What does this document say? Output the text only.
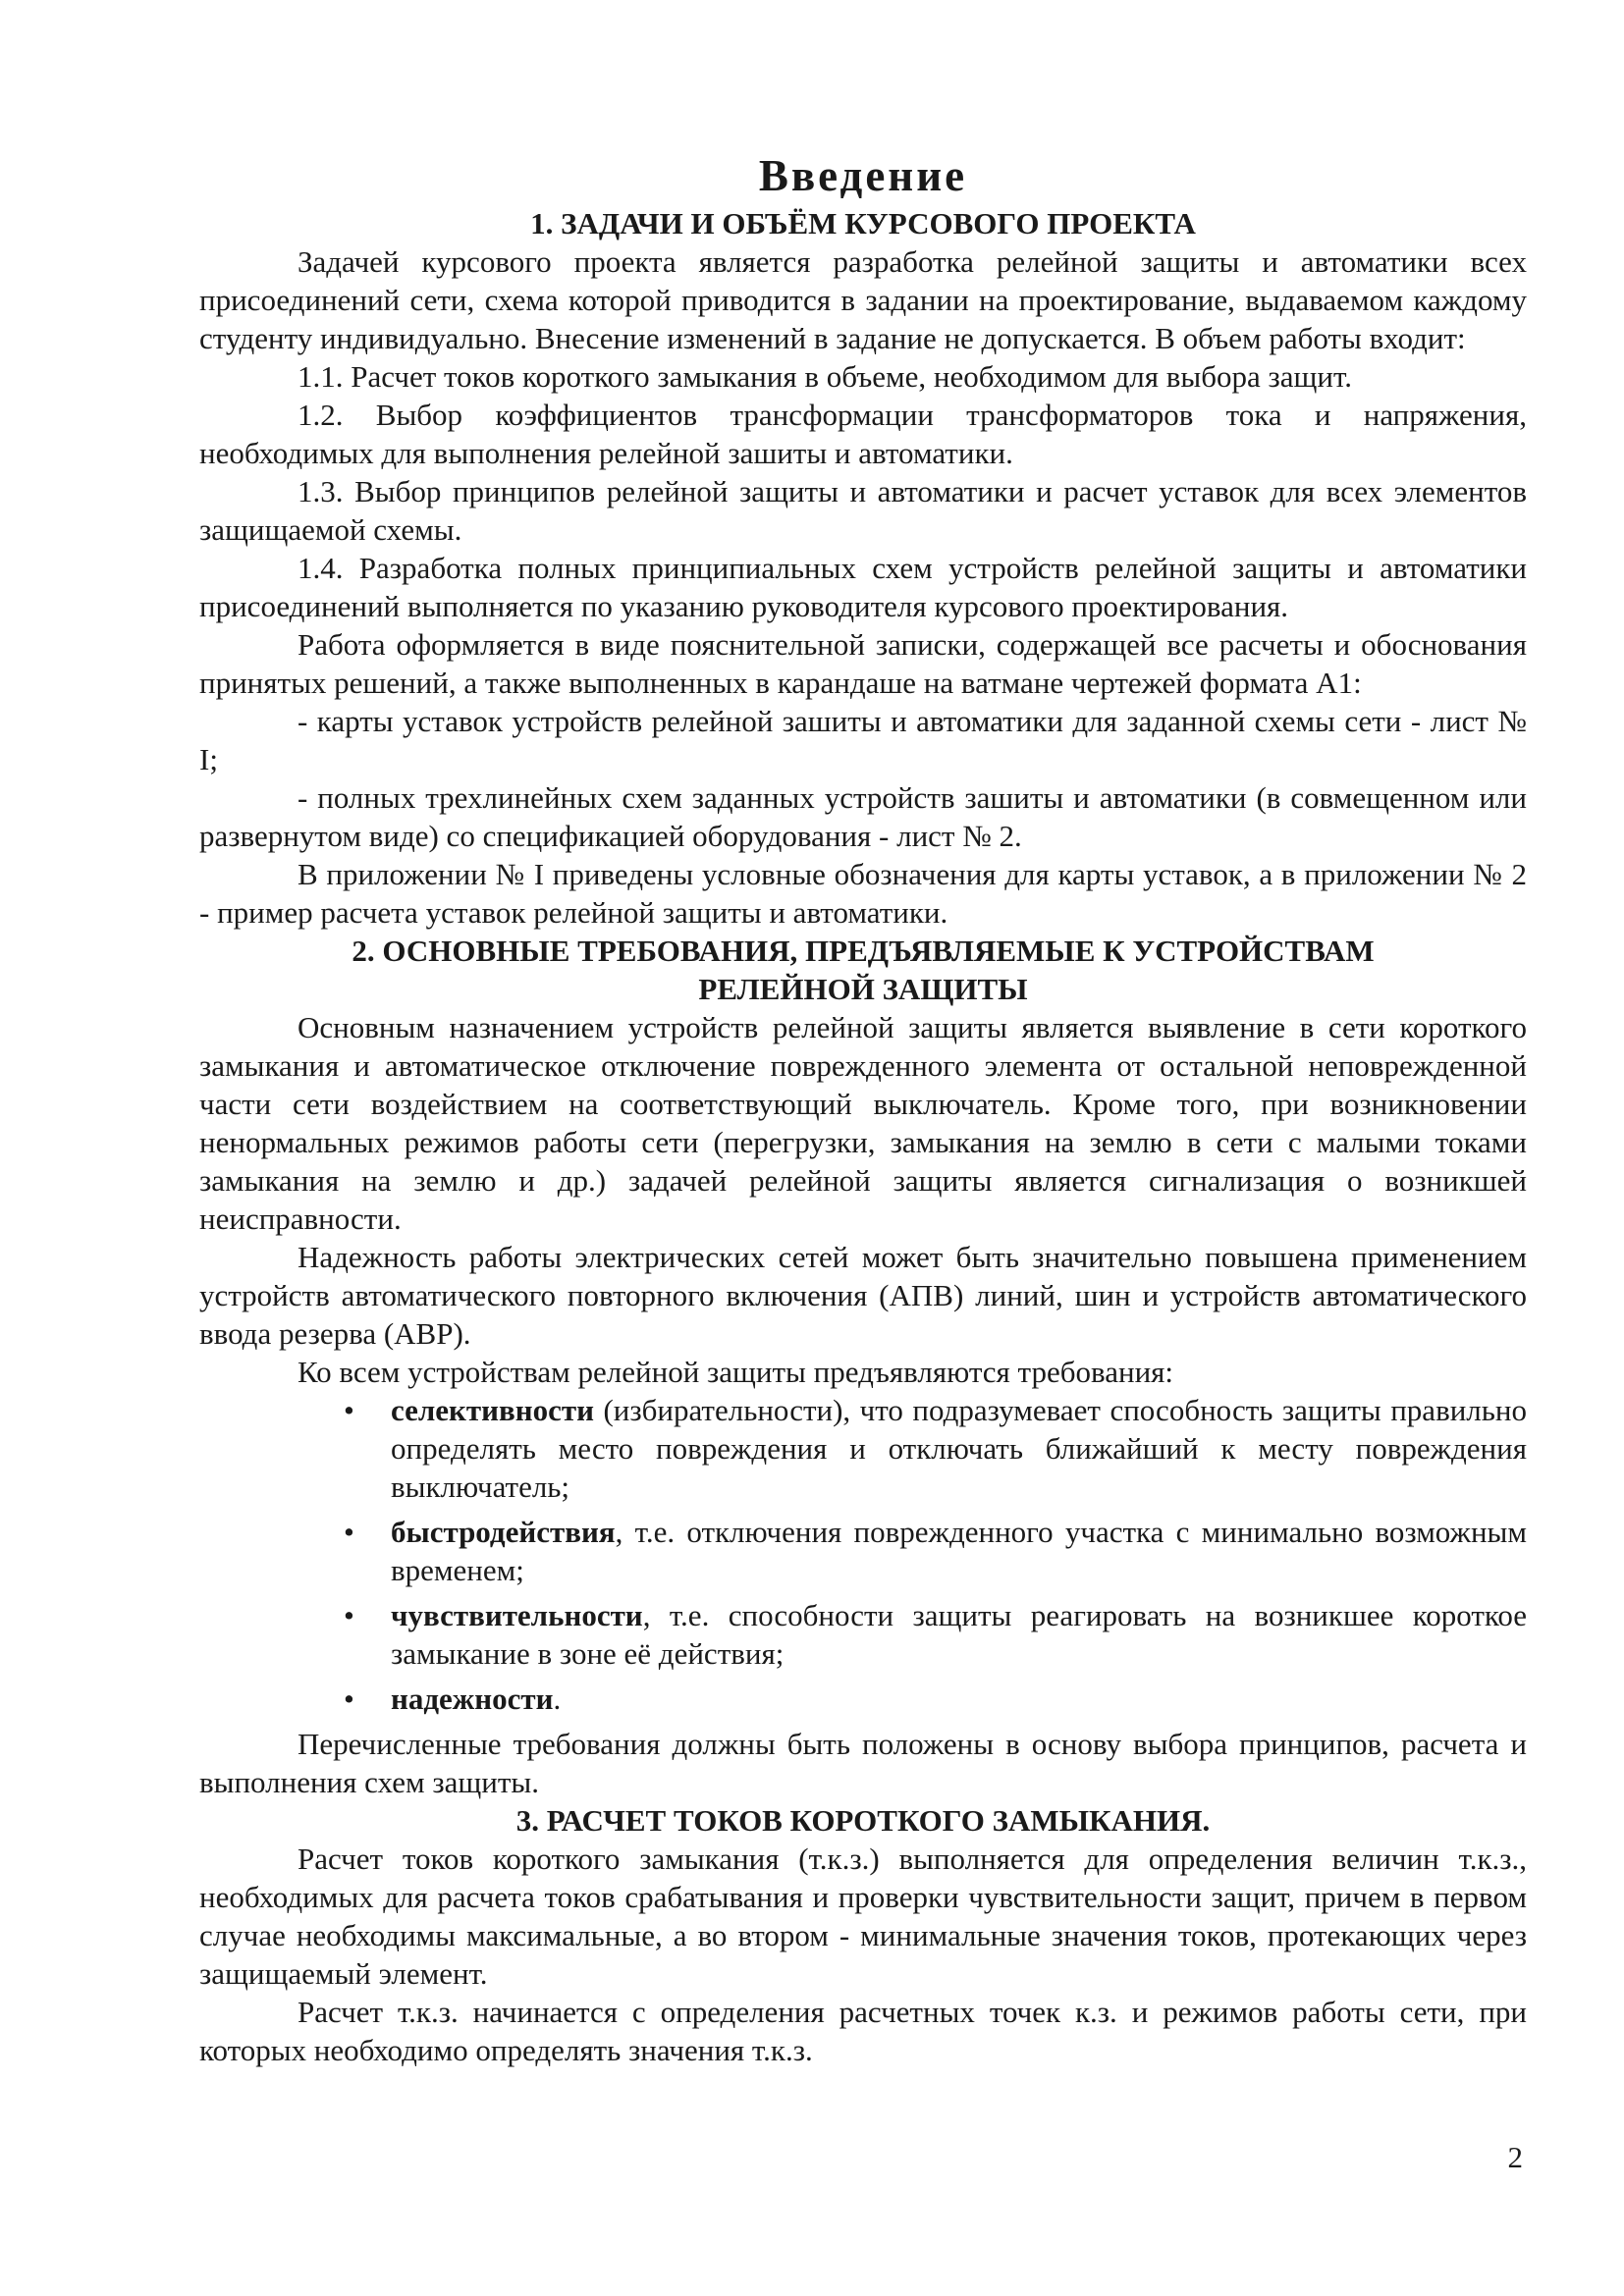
Введение
1. ЗАДАЧИ И ОБЪЁМ КУРСОВОГО ПРОЕКТА

Задачей курсового проекта является разработка релейной защиты и автоматики всех присоединений сети, схема которой приводится в задании на проектирование, выдаваемом каждому студенту индивидуально. Внесение изменений в задание не допускается. В объем работы входит:

1.1. Расчет токов короткого замыкания в объеме, необходимом для выбора защит.

1.2. Выбор коэффициентов трансформации трансформаторов тока и напряжения, необходимых для выполнения релейной зашиты и автоматики.

1.3. Выбор принципов релейной защиты и автоматики и расчет уставок для всех элементов защищаемой схемы.

1.4. Разработка полных принципиальных схем устройств релейной защиты и автоматики присоединений выполняется по указанию руководителя курсового проектирования.

Работа оформляется в виде пояснительной записки, содержащей все расчеты и обоснования принятых решений, а также выполненных в карандаше на ватмане чертежей формата А1:

- карты уставок устройств релейной зашиты и автоматики для заданной схемы сети - лист № I;

- полных трехлинейных схем заданных устройств зашиты и автоматики (в совмещенном или развернутом виде) со спецификацией оборудования - лист № 2.

В приложении № I приведены условные обозначения для карты уставок, а в приложении № 2 - пример расчета уставок релейной защиты и автоматики.

2. ОСНОВНЫЕ ТРЕБОВАНИЯ, ПРЕДЪЯВЛЯЕМЫЕ К УСТРОЙСТВАМ
РЕЛЕЙНОЙ ЗАЩИТЫ

Основным назначением устройств релейной защиты является выявление в сети короткого замыкания и автоматическое отключение поврежденного элемента от остальной неповрежденной части сети воздействием на соответствующий выключатель. Кроме того, при возникновении ненормальных режимов работы сети (перегрузки, замыкания на землю в сети с малыми токами замыкания на землю и др.) задачей релейной защиты является сигнализация о возникшей неисправности.

Надежность работы электрических сетей может быть значительно повышена применением устройств автоматического повторного включения (АПВ) линий, шин и устройств автоматического ввода резерва (АВР).

Ко всем устройствам релейной защиты предъявляются требования:

• селективности (избирательности), что подразумевает способность защиты правильно определять место повреждения и отключать ближайший к месту повреждения выключатель;
• быстродействия, т.е. отключения поврежденного участка с минимально возможным временем;
• чувствительности, т.е. способности защиты реагировать на возникшее короткое замыкание в зоне её действия;
• надежности.

Перечисленные требования должны быть положены в основу выбора принципов, расчета и выполнения схем защиты.

3. РАСЧЕТ ТОКОВ КОРОТКОГО ЗАМЫКАНИЯ.

Расчет токов короткого замыкания (т.к.з.) выполняется для определения величин т.к.з., необходимых для расчета токов срабатывания и проверки чувствительности защит, причем в первом случае необходимы максимальные, а во втором - минимальные значения токов, протекающих через защищаемый элемент.

Расчет т.к.з. начинается с определения расчетных точек к.з. и режимов работы сети, при которых необходимо определять значения т.к.з.

2
